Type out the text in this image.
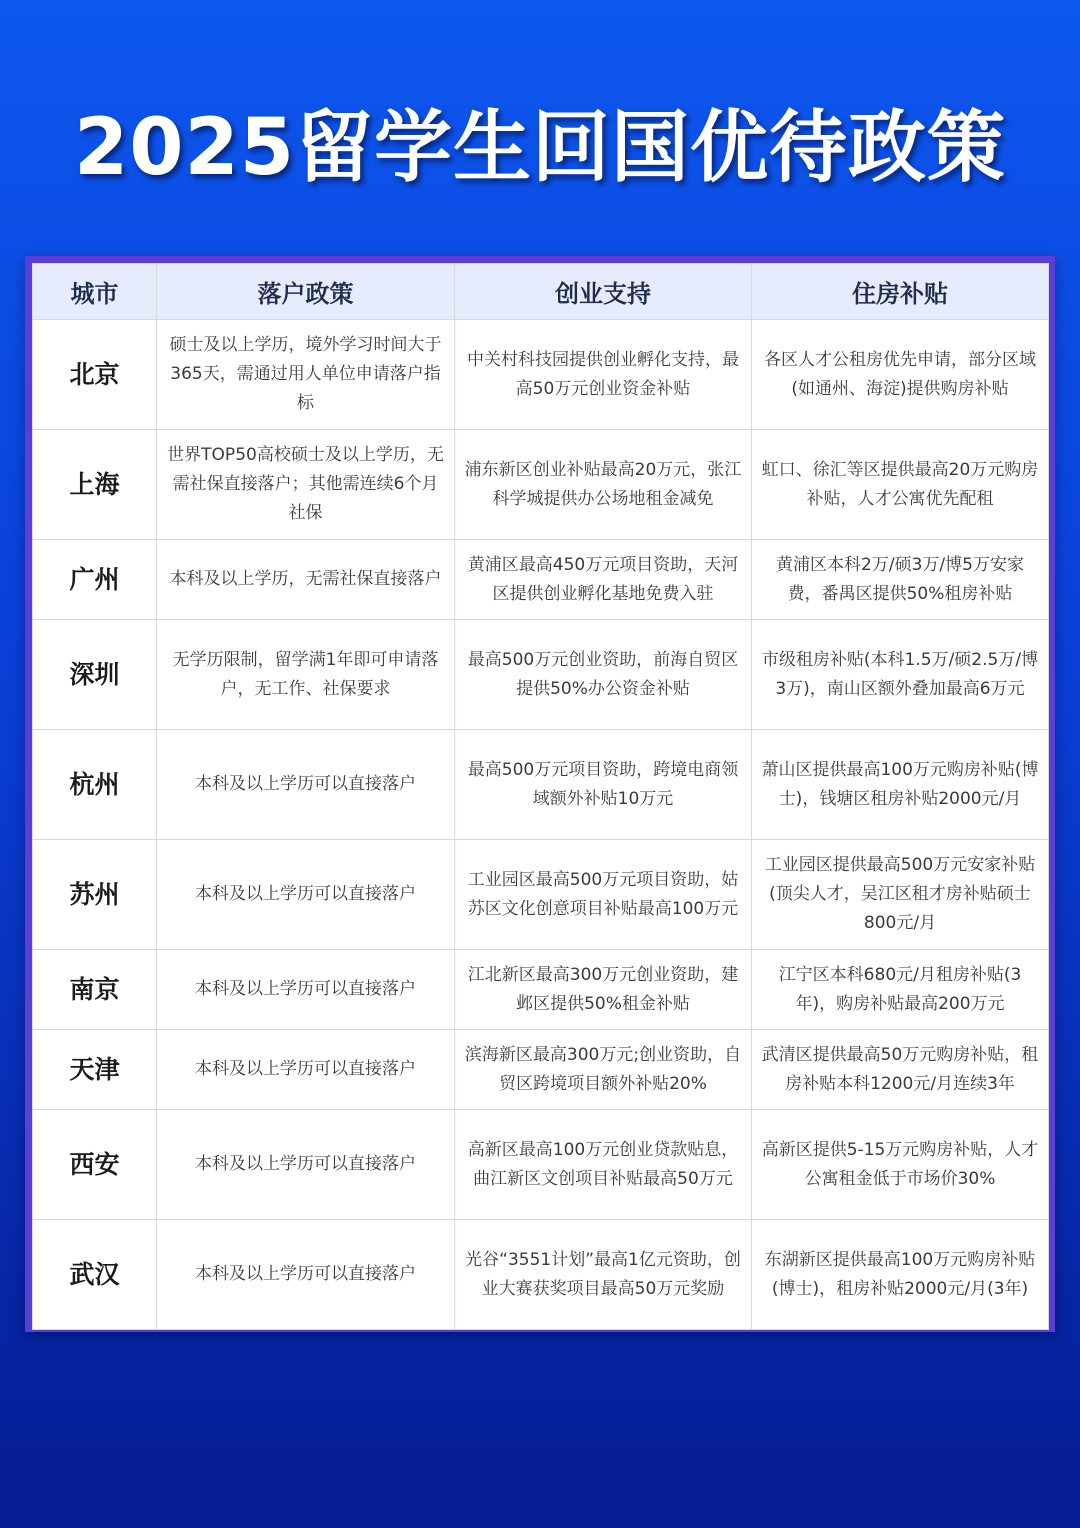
2025留学生回国优待政策
城市	落户政策	创业支持	住房补贴
北京	硕士及以上学历，境外学习时间大于365天，需通过用人单位申请落户指标	中关村科技园提供创业孵化支持，最高50万元创业资金补贴	各区人才公租房优先申请，部分区域(如通州、海淀)提供购房补贴
上海	世界TOP50高校硕士及以上学历，无需社保直接落户；其他需连续6个月社保	浦东新区创业补贴最高20万元，张江科学城提供办公场地租金减免	虹口、徐汇等区提供最高20万元购房补贴，人才公寓优先配租
广州	本科及以上学历，无需社保直接落户	黄浦区最高450万元项目资助，天河区提供创业孵化基地免费入驻	黄浦区本科2万/硕3万/博5万安家费，番禺区提供50%租房补贴
深圳	无学历限制，留学满1年即可申请落户，无工作、社保要求	最高500万元创业资助，前海自贸区提供50%办公资金补贴	市级租房补贴(本科1.5万/硕2.5万/博3万)，南山区额外叠加最高6万元
杭州	本科及以上学历可以直接落户	最高500万元项目资助，跨境电商领域额外补贴10万元	萧山区提供最高100万元购房补贴(博士)，钱塘区租房补贴2000元/月
苏州	本科及以上学历可以直接落户	工业园区最高500万元项目资助，姑苏区文化创意项目补贴最高100万元	工业园区提供最高500万元安家补贴(顶尖人才，吴江区租才房补贴硕士800元/月
南京	本科及以上学历可以直接落户	江北新区最高300万元创业资助，建邺区提供50%租金补贴	江宁区本科680元/月租房补贴(3年)，购房补贴最高200万元
天津	本科及以上学历可以直接落户	滨海新区最高300万元;创业资助，自贸区跨境项目额外补贴20%	武清区提供最高50万元购房补贴，租房补贴本科1200元/月连续3年
西安	本科及以上学历可以直接落户	高新区最高100万元创业贷款贴息，曲江新区文创项目补贴最高50万元	高新区提供5-15万元购房补贴，人才公寓租金低于市场价30%
武汉	本科及以上学历可以直接落户	光谷“3551计划”最高1亿元资助，创业大赛获奖项目最高50万元奖励	东湖新区提供最高100万元购房补贴(博士)，租房补贴2000元/月(3年)
